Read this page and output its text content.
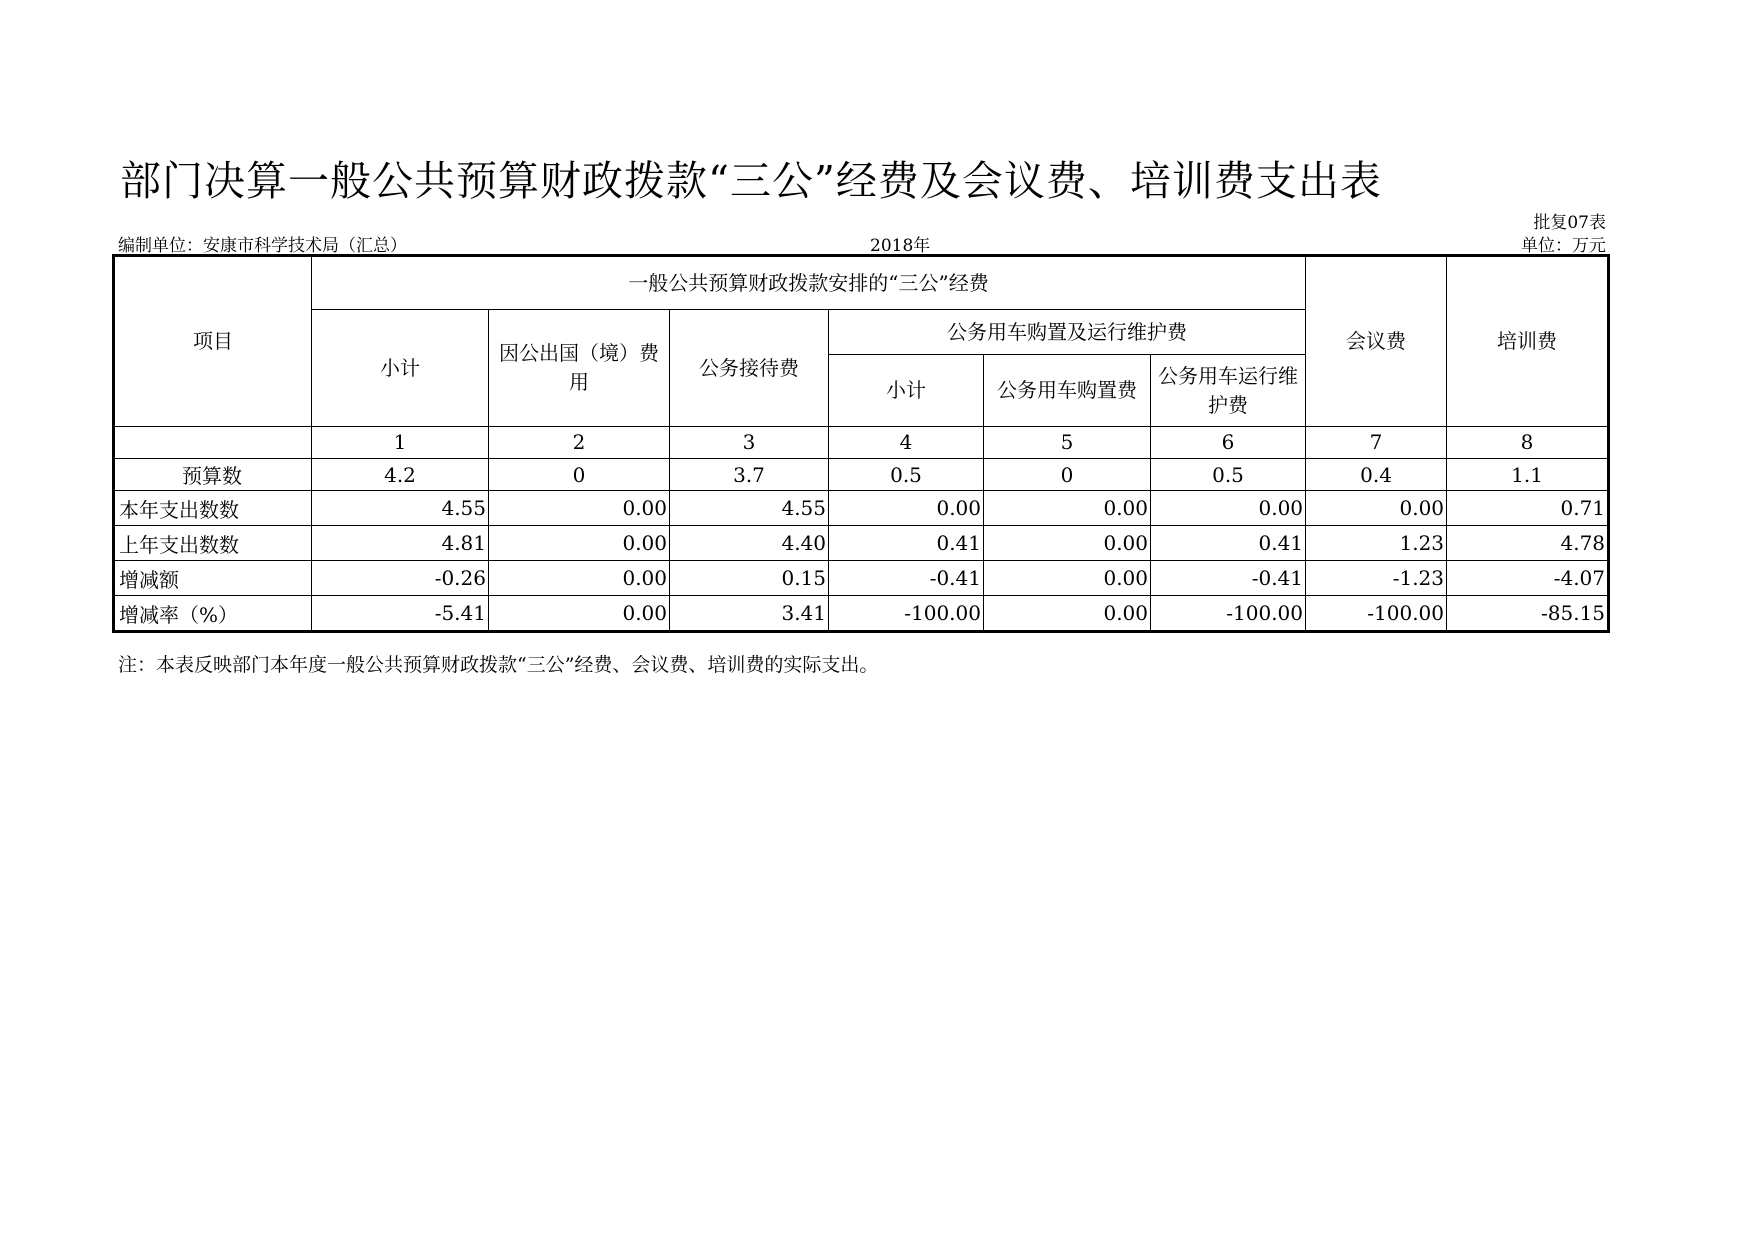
部门决算一般公共预算财政拨款“三公”经费及会议费、培训费支出表
批复07表
编制单位：安康市科学技术局（汇总）	2018年	单位：万元
项目	一般公共预算财政拨款安排的“三公”经费						会议费	培训费
	小计	因公出国（境）费用	公务接待费	公务用车购置及运行维护费				
				小计	公务用车购置费	公务用车运行维护费		
	1	2	3	4	5	6	7	8
预算数	4.2	0	3.7	0.5	0	0.5	0.4	1.1
本年支出数数	4.55	0.00	4.55	0.00	0.00	0.00	0.00	0.71
上年支出数数	4.81	0.00	4.40	0.41	0.00	0.41	1.23	4.78
增减额	-0.26	0.00	0.15	-0.41	0.00	-0.41	-1.23	-4.07
增减率（%）	-5.41	0.00	3.41	-100.00	0.00	-100.00	-100.00	-85.15
注：本表反映部门本年度一般公共预算财政拨款“三公”经费、会议费、培训费的实际支出。
